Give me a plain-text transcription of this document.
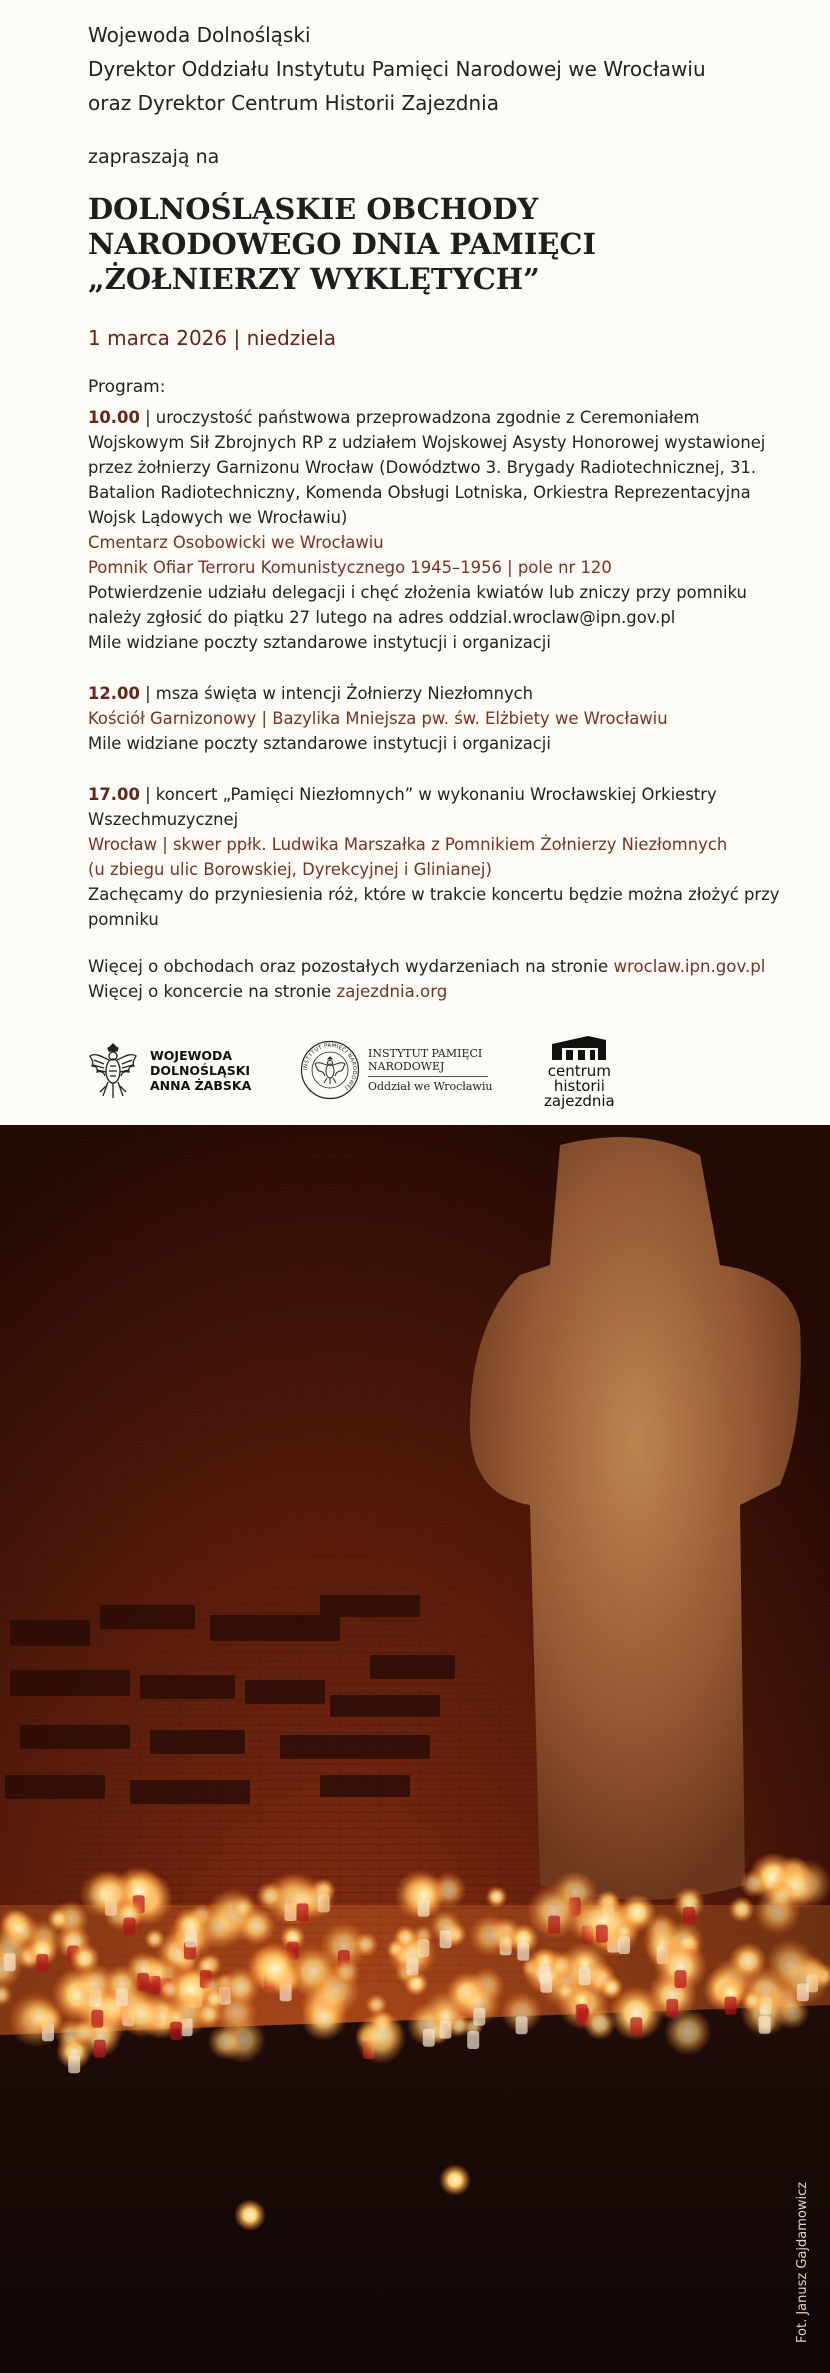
Wojewoda Dolnośląski
Dyrektor Oddziału Instytutu Pamięci Narodowej we Wrocławiu
oraz Dyrektor Centrum Historii Zajezdnia
zapraszają na
DOLNOŚLĄSKIE OBCHODY
NARODOWEGO DNIA PAMIĘCI
„ŻOŁNIERZY WYKLĘTYCH”
1 marca 2026 | niedziela
Program:

10.00 | uroczystość państwowa przeprowadzona zgodnie z Ceremoniałem Wojskowym Sił Zbrojnych RP z udziałem Wojskowej Asysty Honorowej wystawionej przez żołnierzy Garnizonu Wrocław (Dowództwo 3. Brygady Radiotechnicznej, 31. Batalion Radiotechniczny, Komenda Obsługi Lotniska, Orkiestra Reprezentacyjna Wojsk Lądowych we Wrocławiu)

Cmentarz Osobowicki we Wrocławiu

Pomnik Ofiar Terroru Komunistycznego 1945–1956 | pole nr 120

Potwierdzenie udziału delegacji i chęć złożenia kwiatów lub zniczy przy pomniku należy zgłosić do piątku 27 lutego na adres oddzial.wroclaw@ipn.gov.pl

Mile widziane poczty sztandarowe instytucji i organizacji

12.00 | msza święta w intencji Żołnierzy Niezłomnych

Kościół Garnizonowy | Bazylika Mniejsza pw. św. Elżbiety we Wrocławiu

Mile widziane poczty sztandarowe instytucji i organizacji

17.00 | koncert „Pamięci Niezłomnych” w wykonaniu Wrocławskiej Orkiestry Wszechmuzycznej

Wrocław | skwer ppłk. Ludwika Marszałka z Pomnikiem Żołnierzy Niezłomnych

(u zbiegu ulic Borowskiej, Dyrekcyjnej i Glinianej)

Zachęcamy do przyniesienia róż, które w trakcie koncertu będzie można złożyć przy pomniku

Więcej o obchodach oraz pozostałych wydarzeniach na stronie wroclaw.ipn.gov.pl
Więcej o koncercie na stronie zajezdnia.org
WOJEWODA
DOLNOŚLĄSKI
ANNA ŻABSKA
INSTYTUT PAMIĘCI NARODOWEJ
INSTYTUT PAMIĘCI
NARODOWEJ
Oddział we Wrocławiu
centrum
historii
zajezdnia
Fot. Janusz Gajdamowicz
